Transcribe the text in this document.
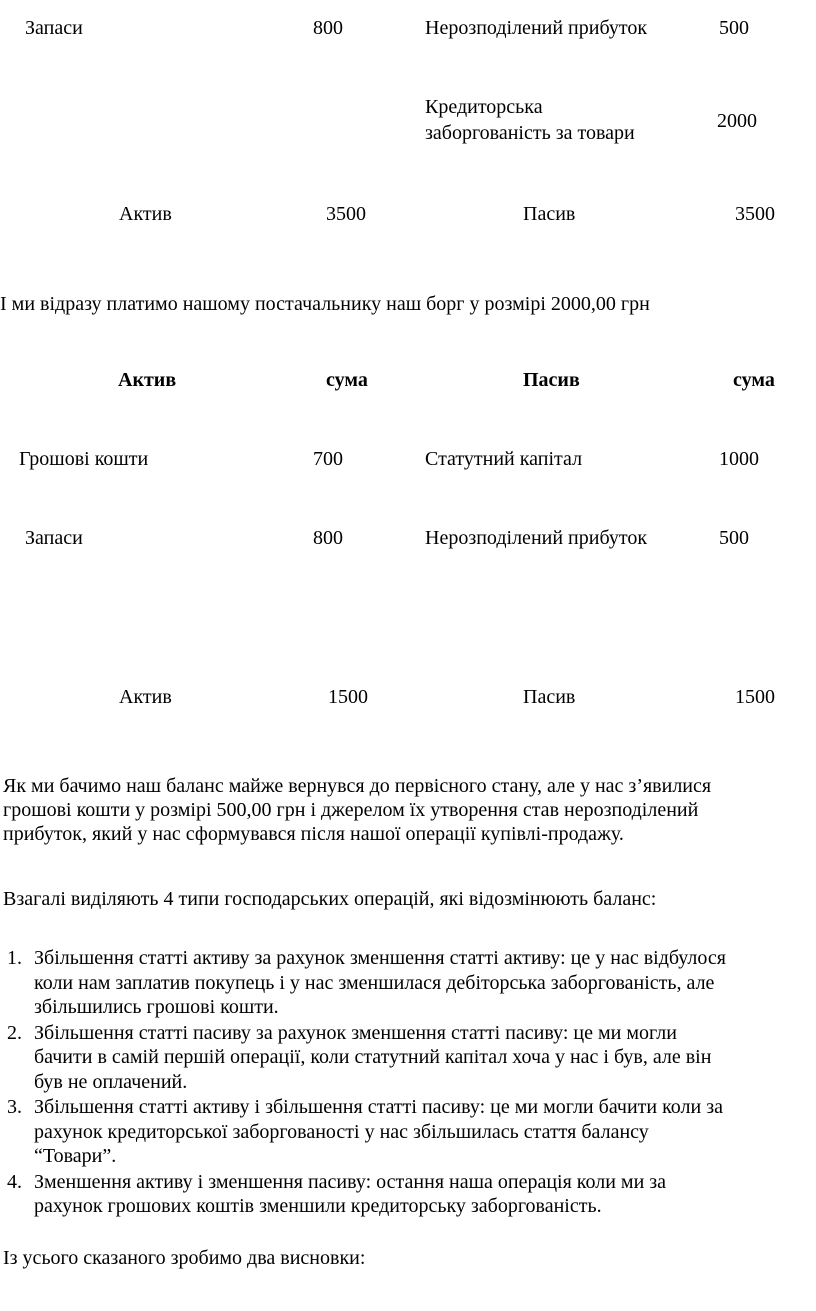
Запаси	800	Нерозподілений прибуток	500
Кредиторська
заборгованість за товари
2000
Актив	3500	Пасив	3500
І ми відразу платимо нашому постачальнику наш борг у розмірі 2000,00 грн
Актив	сума	Пасив	сума
Грошові кошти	700	Статутний капітал	1000
Запаси	800	Нерозподілений прибуток	500
Актив	1500	Пасив	1500
Як ми бачимо наш баланс майже вернувся до первісного стану, але у нас з’явилися
грошові кошти у розмірі 500,00 грн і джерелом їх утворення став нерозподілений
прибуток, який у нас сформувався після нашої операції купівлі-продажу.
Взагалі виділяють 4 типи господарських операцій, які відозмінюють баланс:
1. Збільшення статті активу за рахунок зменшення статті активу: це у нас відбулося
коли нам заплатив покупець і у нас зменшилася дебіторська заборгованість, але
збільшились грошові кошти.
2. Збільшення статті пасиву за рахунок зменшення статті пасиву: це ми могли
бачити в самій першій операції, коли статутний капітал хоча у нас і був, але він
був не оплачений.
3. Збільшення статті активу і збільшення статті пасиву: це ми могли бачити коли за
рахунок кредиторської заборгованості у нас збільшилась стаття балансу
“Товари”.
4. Зменшення активу і зменшення пасиву: остання наша операція коли ми за
рахунок грошових коштів зменшили кредиторську заборгованість.
Із усього сказаного зробимо два висновки:
